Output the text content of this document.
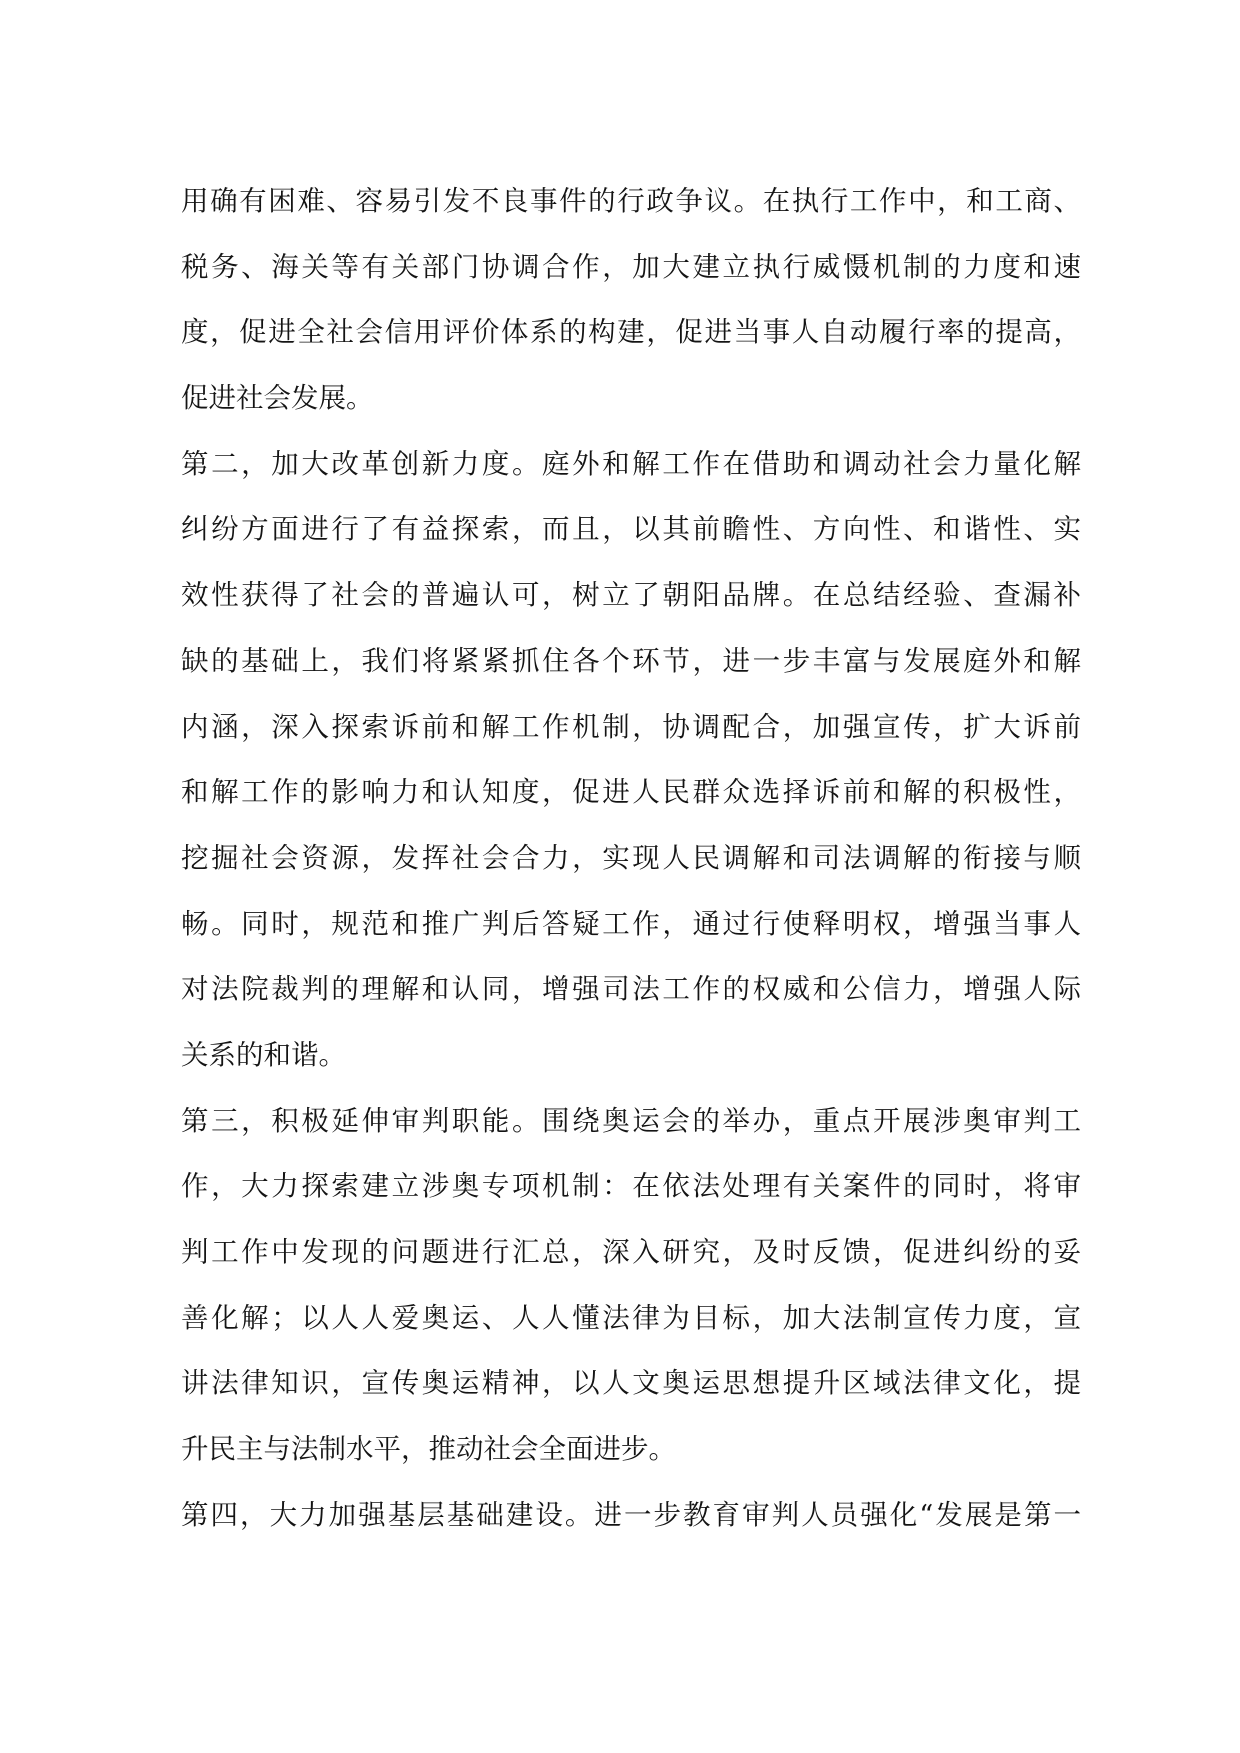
用确有困难、容易引发不良事件的行政争议。在执行工作中，和工商、
税务、海关等有关部门协调合作，加大建立执行威慑机制的力度和速
度，促进全社会信用评价体系的构建，促进当事人自动履行率的提高，
促进社会发展。
第二，加大改革创新力度。庭外和解工作在借助和调动社会力量化解
纠纷方面进行了有益探索，而且，以其前瞻性、方向性、和谐性、实
效性获得了社会的普遍认可，树立了朝阳品牌。在总结经验、查漏补
缺的基础上，我们将紧紧抓住各个环节，进一步丰富与发展庭外和解
内涵，深入探索诉前和解工作机制，协调配合，加强宣传，扩大诉前
和解工作的影响力和认知度，促进人民群众选择诉前和解的积极性，
挖掘社会资源，发挥社会合力，实现人民调解和司法调解的衔接与顺
畅。同时，规范和推广判后答疑工作，通过行使释明权，增强当事人
对法院裁判的理解和认同，增强司法工作的权威和公信力，增强人际
关系的和谐。
第三，积极延伸审判职能。围绕奥运会的举办，重点开展涉奥审判工
作，大力探索建立涉奥专项机制：在依法处理有关案件的同时，将审
判工作中发现的问题进行汇总，深入研究，及时反馈，促进纠纷的妥
善化解；以人人爱奥运、人人懂法律为目标，加大法制宣传力度，宣
讲法律知识，宣传奥运精神，以人文奥运思想提升区域法律文化，提
升民主与法制水平，推动社会全面进步。
第四，大力加强基层基础建设。进一步教育审判人员强化“发展是第一
